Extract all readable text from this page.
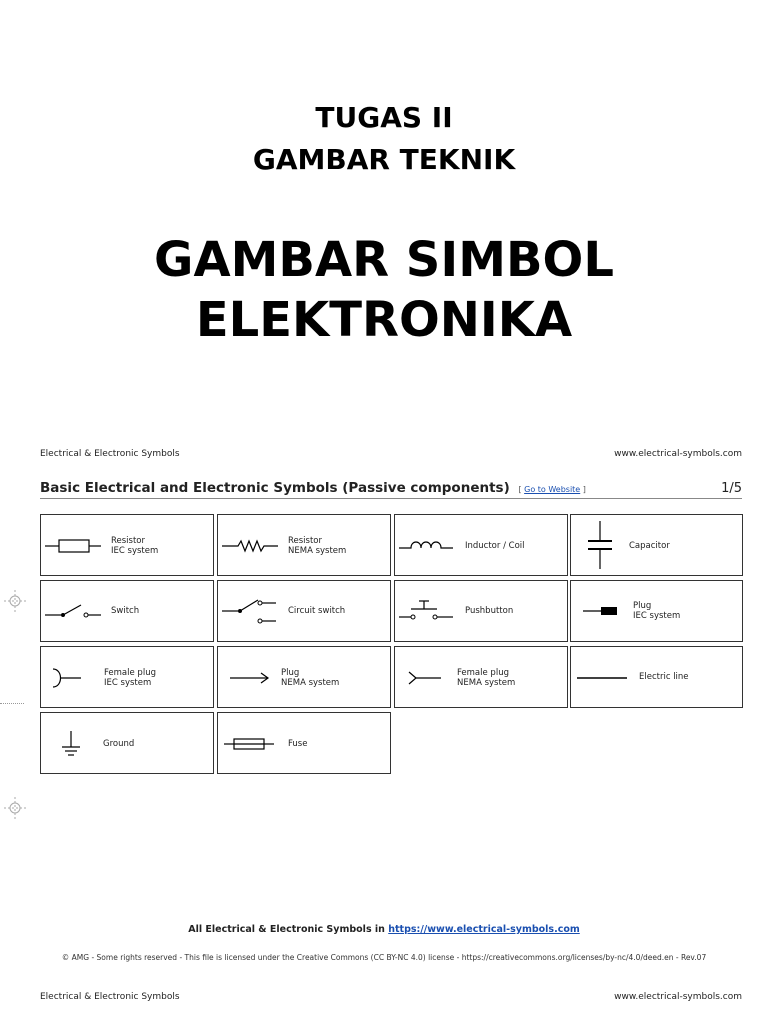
TUGAS II
GAMBAR TEKNIK
GAMBAR SIMBOL
ELEKTRONIKA
Electrical & Electronic Symbols	www.electrical-symbols.com
Basic Electrical and Electronic Symbols (Passive components) [ Go to Website ]	1/5
Resistor
IEC system
Resistor
NEMA system	Inductor / Coil	Capacitor
Switch	Circuit switch	Pushbutton	Plug
IEC system
Female plug
IEC system
Plug
NEMA system
Female plug
NEMA system
Electric line
Ground	Fuse
All Electrical & Electronic Symbols in https://www.electrical-symbols.com
© AMG - Some rights reserved - This file is licensed under the Creative Commons (CC BY-NC 4.0) license - https://creativecommons.org/licenses/by-nc/4.0/deed.en - Rev.07
Electrical & Electronic Symbols	www.electrical-symbols.com
